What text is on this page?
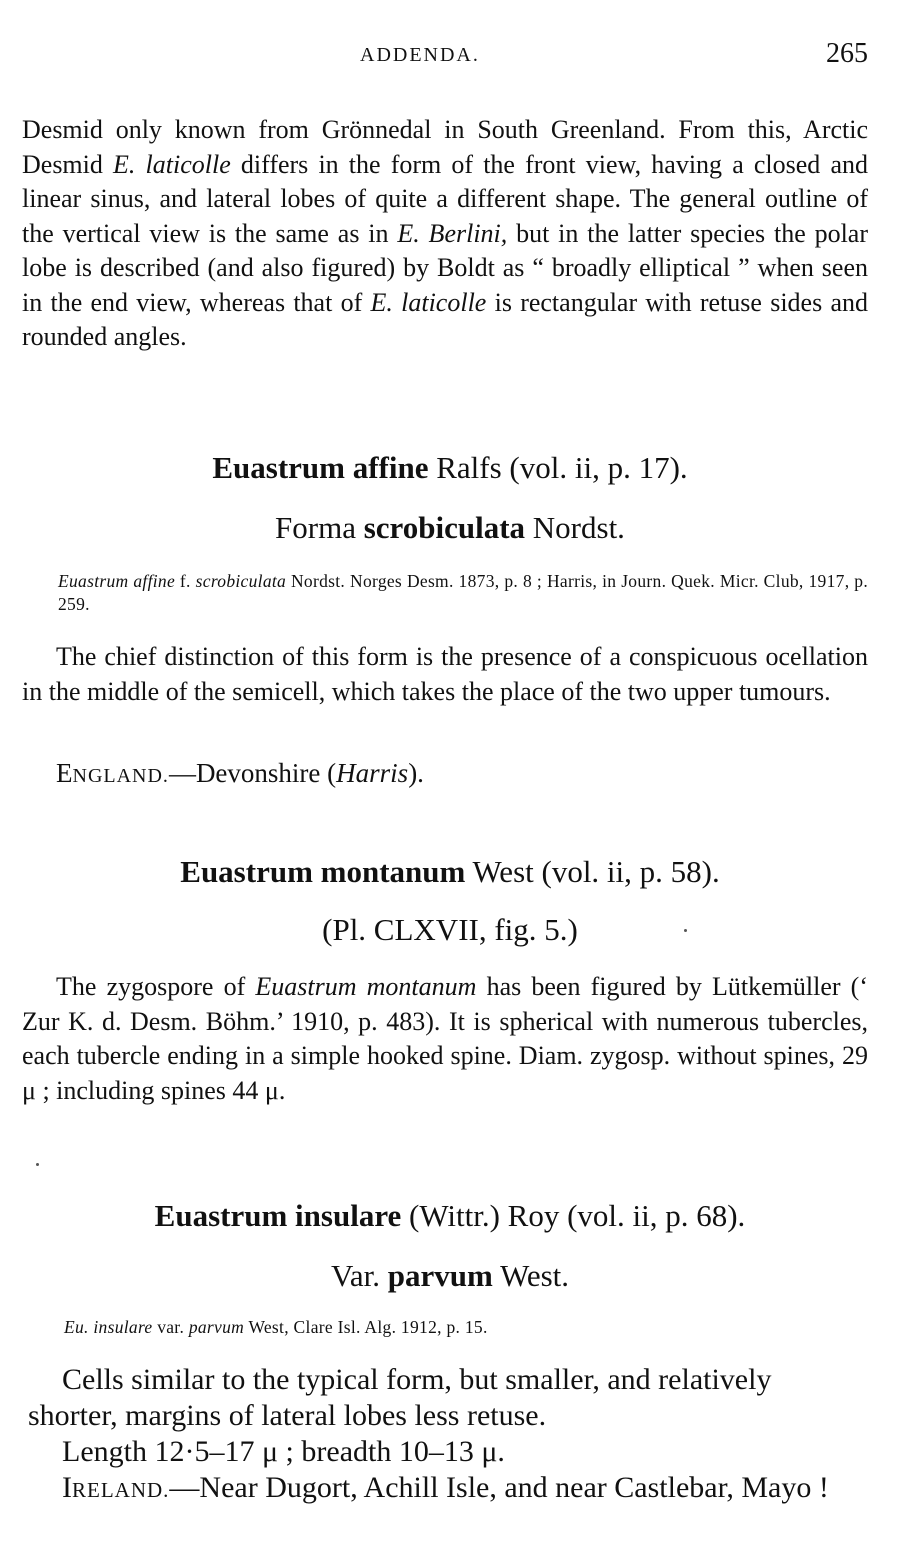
ADDENDA.	265

Desmid only known from Grönnedal in South Greenland. From this, Arctic Desmid E. laticolle differs in the form of the front view, having a closed and linear sinus, and lateral lobes of quite a different shape. The general outline of the vertical view is the same as in E. Berlini, but in the latter species the polar lobe is described (and also figured) by Boldt as “ broadly elliptical ” when seen in the end view, whereas that of E. laticolle is rectangular with retuse sides and rounded angles.

Euastrum affine Ralfs (vol. ii, p. 17).
Forma scrobiculata Nordst.

Euastrum affine f. scrobiculata Nordst. Norges Desm. 1873, p. 8 ; Harris, in Journ. Quek. Micr. Club, 1917, p. 259.

The chief distinction of this form is the presence of a conspicuous ocellation in the middle of the semicell, which takes the place of the two upper tumours.

ENGLAND.—Devonshire (Harris).

Euastrum montanum West (vol. ii, p. 58).
(Pl. CLXVII, fig. 5.)

The zygospore of Euastrum montanum has been figured by Lütkemüller (‘ Zur K. d. Desm. Böhm.’ 1910, p. 483). It is spherical with numerous tubercles, each tubercle ending in a simple hooked spine. Diam. zygosp. without spines, 29 μ ; including spines 44 μ.

Euastrum insulare (Wittr.) Roy (vol. ii, p. 68).
Var. parvum West.

Eu. insulare var. parvum West, Clare Isl. Alg. 1912, p. 15.

Cells similar to the typical form, but smaller, and relatively shorter, margins of lateral lobes less retuse.
Length 12·5–17 μ ; breadth 10–13 μ.
IRELAND.—Near Dugort, Achill Isle, and near Castlebar, Mayo !
